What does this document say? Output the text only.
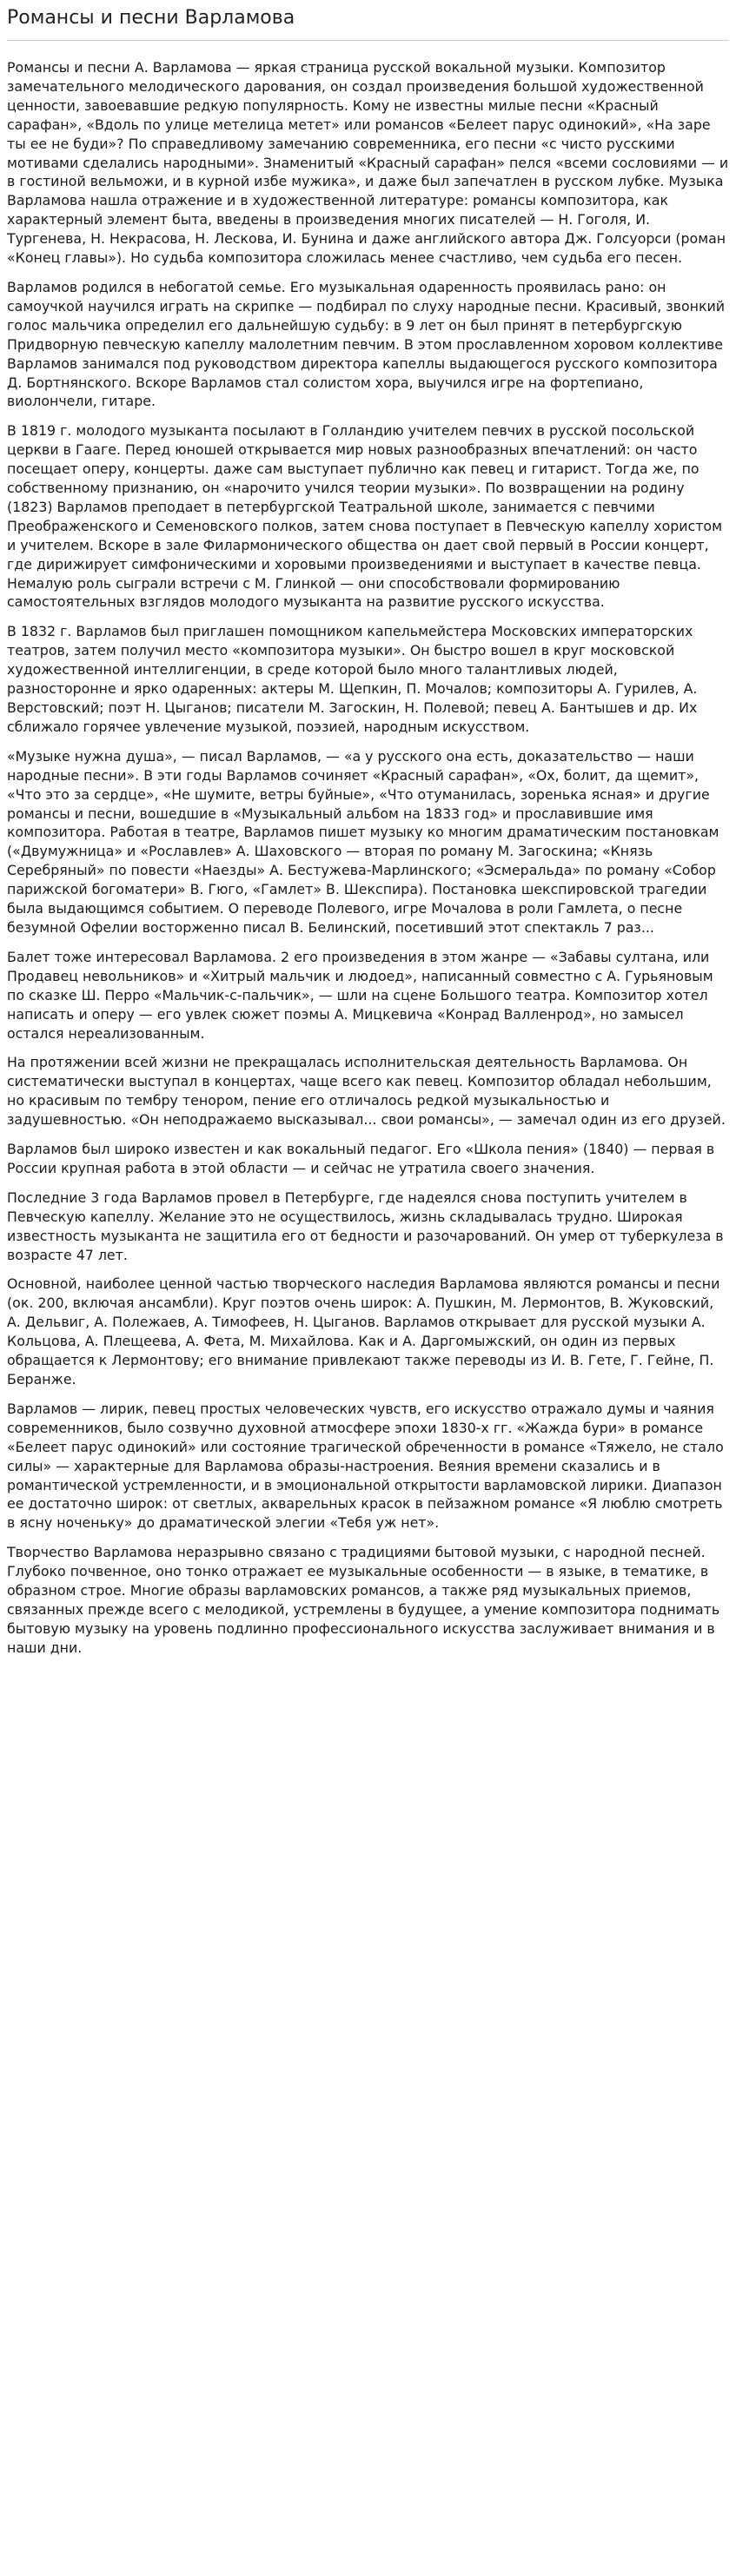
Романсы и песни Варламова

Романсы и песни А. Варламова — яркая страница русской вокальной музыки. Композитор замечательного мелодического дарования, он создал произведения большой художественной ценности, завоевавшие редкую популярность. Кому не известны милые песни «Красный сарафан», «Вдоль по улице метелица метет» или романсов «Белеет парус одинокий», «На заре ты ее не буди»? По справедливому замечанию современника, его песни «с чисто русскими мотивами сделались народными». Знаменитый «Красный сарафан» пелся «всеми сословиями — и в гостиной вельможи, и в курной избе мужика», и даже был запечатлен в русском лубке. Музыка Варламова нашла отражение и в художественной литературе: романсы композитора, как характерный элемент быта, введены в произведения многих писателей — Н. Гоголя, И. Тургенева, Н. Некрасова, Н. Лескова, И. Бунина и даже английского автора Дж. Голсуорси (роман «Конец главы»). Но судьба композитора сложилась менее счастливо, чем судьба его песен.

Варламов родился в небогатой семье. Его музыкальная одаренность проявилась рано: он самоучкой научился играть на скрипке — подбирал по слуху народные песни. Красивый, звонкий голос мальчика определил его дальнейшую судьбу: в 9 лет он был принят в петербургскую Придворную певческую капеллу малолетним певчим. В этом прославленном хоровом коллективе Варламов занимался под руководством директора капеллы выдающегося русского композитора Д. Бортнянского. Вскоре Варламов стал солистом хора, выучился игре на фортепиано, виолончели, гитаре.

В 1819 г. молодого музыканта посылают в Голландию учителем певчих в русской посольской церкви в Гааге. Перед юношей открывается мир новых разнообразных впечатлений: он часто посещает оперу, концерты. даже сам выступает публично как певец и гитарист. Тогда же, по собственному признанию, он «нарочито учился теории музыки». По возвращении на родину (1823) Варламов преподает в петербургской Театральной школе, занимается с певчими Преображенского и Семеновского полков, затем снова поступает в Певческую капеллу хористом и учителем. Вскоре в зале Филармонического общества он дает свой первый в России концерт, где дирижирует симфоническими и хоровыми произведениями и выступает в качестве певца. Немалую роль сыграли встречи с М. Глинкой — они способствовали формированию самостоятельных взглядов молодого музыканта на развитие русского искусства.

В 1832 г. Варламов был приглашен помощником капельмейстера Московских императорских театров, затем получил место «композитора музыки». Он быстро вошел в круг московской художественной интеллигенции, в среде которой было много талантливых людей, разносторонне и ярко одаренных: актеры М. Щепкин, П. Мочалов; композиторы А. Гурилев, А. Верстовский; поэт Н. Цыганов; писатели М. Загоскин, Н. Полевой; певец А. Бантышев и др. Их сближало горячее увлечение музыкой, поэзией, народным искусством.

«Музыке нужна душа», — писал Варламов, — «а у русского она есть, доказательство — наши народные песни». В эти годы Варламов сочиняет «Красный сарафан», «Ох, болит, да щемит», «Что это за сердце», «Не шумите, ветры буйные», «Что отуманилась, зоренька ясная» и другие романсы и песни, вошедшие в «Музыкальный альбом на 1833 год» и прославившие имя композитора. Работая в театре, Варламов пишет музыку ко многим драматическим постановкам («Двумужница» и «Рославлев» А. Шаховского — вторая по роману М. Загоскина; «Князь Серебряный» по повести «Наезды» А. Бестужева-Марлинского; «Эсмеральда» по роману «Собор парижской богоматери» В. Гюго, «Гамлет» В. Шекспира). Постановка шекспировской трагедии была выдающимся событием. О переводе Полевого, игре Мочалова в роли Гамлета, о песне безумной Офелии восторженно писал В. Белинский, посетивший этот спектакль 7 раз...

Балет тоже интересовал Варламова. 2 его произведения в этом жанре — «Забавы султана, или Продавец невольников» и «Хитрый мальчик и людоед», написанный совместно с А. Гурьяновым по сказке Ш. Перро «Мальчик-с-пальчик», — шли на сцене Большого театра. Композитор хотел написать и оперу — его увлек сюжет поэмы А. Мицкевича «Конрад Валленрод», но замысел остался нереализованным.

На протяжении всей жизни не прекращалась исполнительская деятельность Варламова. Он систематически выступал в концертах, чаще всего как певец. Композитор обладал небольшим, но красивым по тембру тенором, пение его отличалось редкой музыкальностью и задушевностью. «Он неподражаемо высказывал... свои романсы», — замечал один из его друзей.

Варламов был широко известен и как вокальный педагог. Его «Школа пения» (1840) — первая в России крупная работа в этой области — и сейчас не утратила своего значения.

Последние 3 года Варламов провел в Петербурге, где надеялся снова поступить учителем в Певческую капеллу. Желание это не осуществилось, жизнь складывалась трудно. Широкая известность музыканта не защитила его от бедности и разочарований. Он умер от туберкулеза в возрасте 47 лет.

Основной, наиболее ценной частью творческого наследия Варламова являются романсы и песни (ок. 200, включая ансамбли). Круг поэтов очень широк: А. Пушкин, М. Лермонтов, В. Жуковский, А. Дельвиг, А. Полежаев, А. Тимофеев, Н. Цыганов. Варламов открывает для русской музыки А. Кольцова, А. Плещеева, А. Фета, М. Михайлова. Как и А. Даргомыжский, он один из первых обращается к Лермонтову; его внимание привлекают также переводы из И. В. Гете, Г. Гейне, П. Беранже.

Варламов — лирик, певец простых человеческих чувств, его искусство отражало думы и чаяния современников, было созвучно духовной атмосфере эпохи 1830-х гг. «Жажда бури» в романсе «Белеет парус одинокий» или состояние трагической обреченности в романсе «Тяжело, не стало силы» — характерные для Варламова образы-настроения. Веяния времени сказались и в романтической устремленности, и в эмоциональной открытости варламовской лирики. Диапазон ее достаточно широк: от светлых, акварельных красок в пейзажном романсе «Я люблю смотреть в ясну ноченьку» до драматической элегии «Тебя уж нет».

Творчество Варламова неразрывно связано с традициями бытовой музыки, с народной песней. Глубоко почвенное, оно тонко отражает ее музыкальные особенности — в языке, в тематике, в образном строе. Многие образы варламовских романсов, а также ряд музыкальных приемов, связанных прежде всего с мелодикой, устремлены в будущее, а умение композитора поднимать бытовую музыку на уровень подлинно профессионального искусства заслуживает внимания и в наши дни.
